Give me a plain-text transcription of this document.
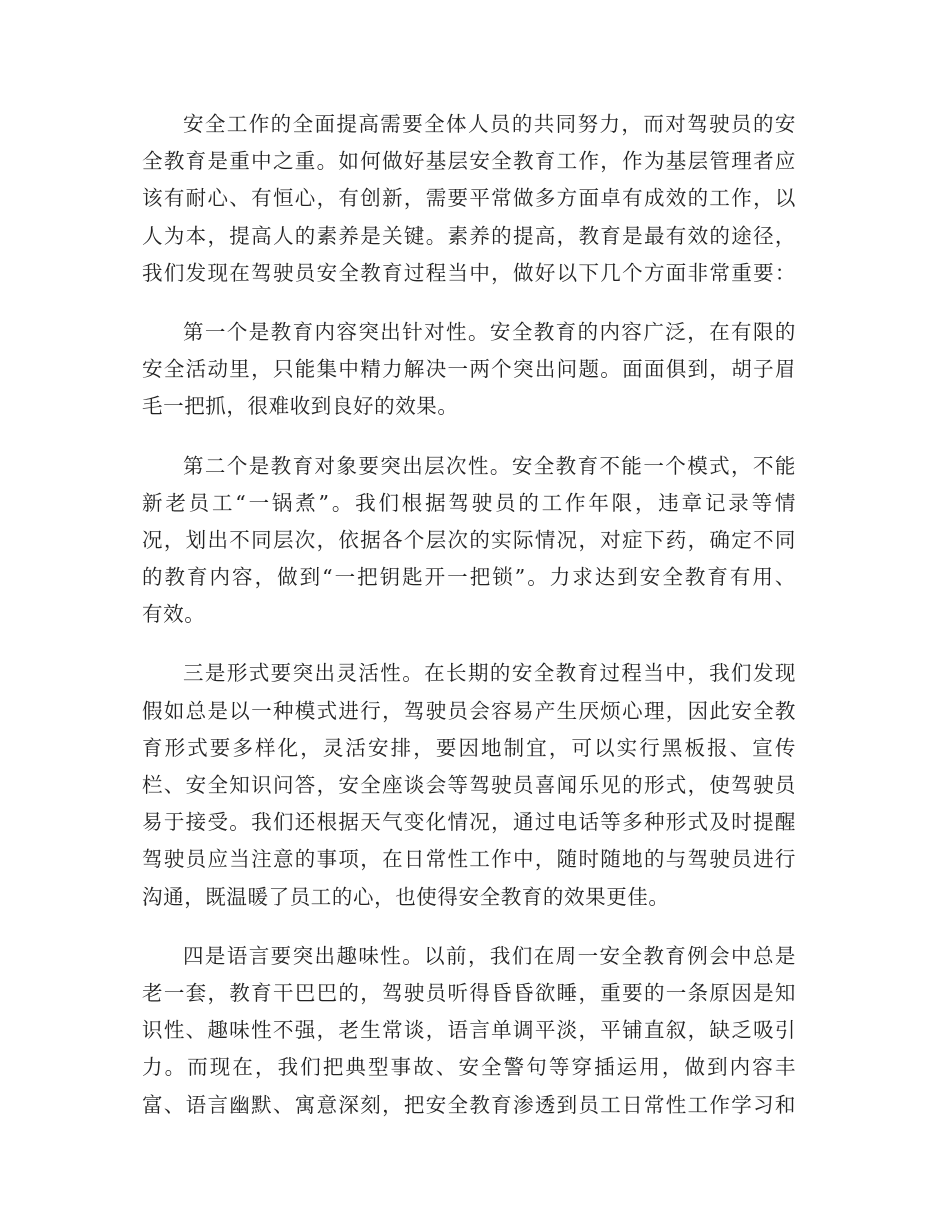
安全工作的全面提高需要全体人员的共同努力，而对驾驶员的安
全教育是重中之重。如何做好基层安全教育工作，作为基层管理者应
该有耐心、有恒心，有创新，需要平常做多方面卓有成效的工作，以
人为本，提高人的素养是关键。素养的提高，教育是最有效的途径，
我们发现在驾驶员安全教育过程当中，做好以下几个方面非常重要：
第一个是教育内容突出针对性。安全教育的内容广泛，在有限的
安全活动里，只能集中精力解决一两个突出问题。面面俱到，胡子眉
毛一把抓，很难收到良好的效果。
第二个是教育对象要突出层次性。安全教育不能一个模式，不能
新老员工“一锅煮”。我们根据驾驶员的工作年限，违章记录等情
况，划出不同层次，依据各个层次的实际情况，对症下药，确定不同
的教育内容，做到“一把钥匙开一把锁”。力求达到安全教育有用、
有效。
三是形式要突出灵活性。在长期的安全教育过程当中，我们发现
假如总是以一种模式进行，驾驶员会容易产生厌烦心理，因此安全教
育形式要多样化，灵活安排，要因地制宜，可以实行黑板报、宣传
栏、安全知识问答，安全座谈会等驾驶员喜闻乐见的形式，使驾驶员
易于接受。我们还根据天气变化情况，通过电话等多种形式及时提醒
驾驶员应当注意的事项，在日常性工作中，随时随地的与驾驶员进行
沟通，既温暖了员工的心，也使得安全教育的效果更佳。
四是语言要突出趣味性。以前，我们在周一安全教育例会中总是
老一套，教育干巴巴的，驾驶员听得昏昏欲睡，重要的一条原因是知
识性、趣味性不强，老生常谈，语言单调平淡，平铺直叙，缺乏吸引
力。而现在，我们把典型事故、安全警句等穿插运用，做到内容丰
富、语言幽默、寓意深刻，把安全教育渗透到员工日常性工作学习和
